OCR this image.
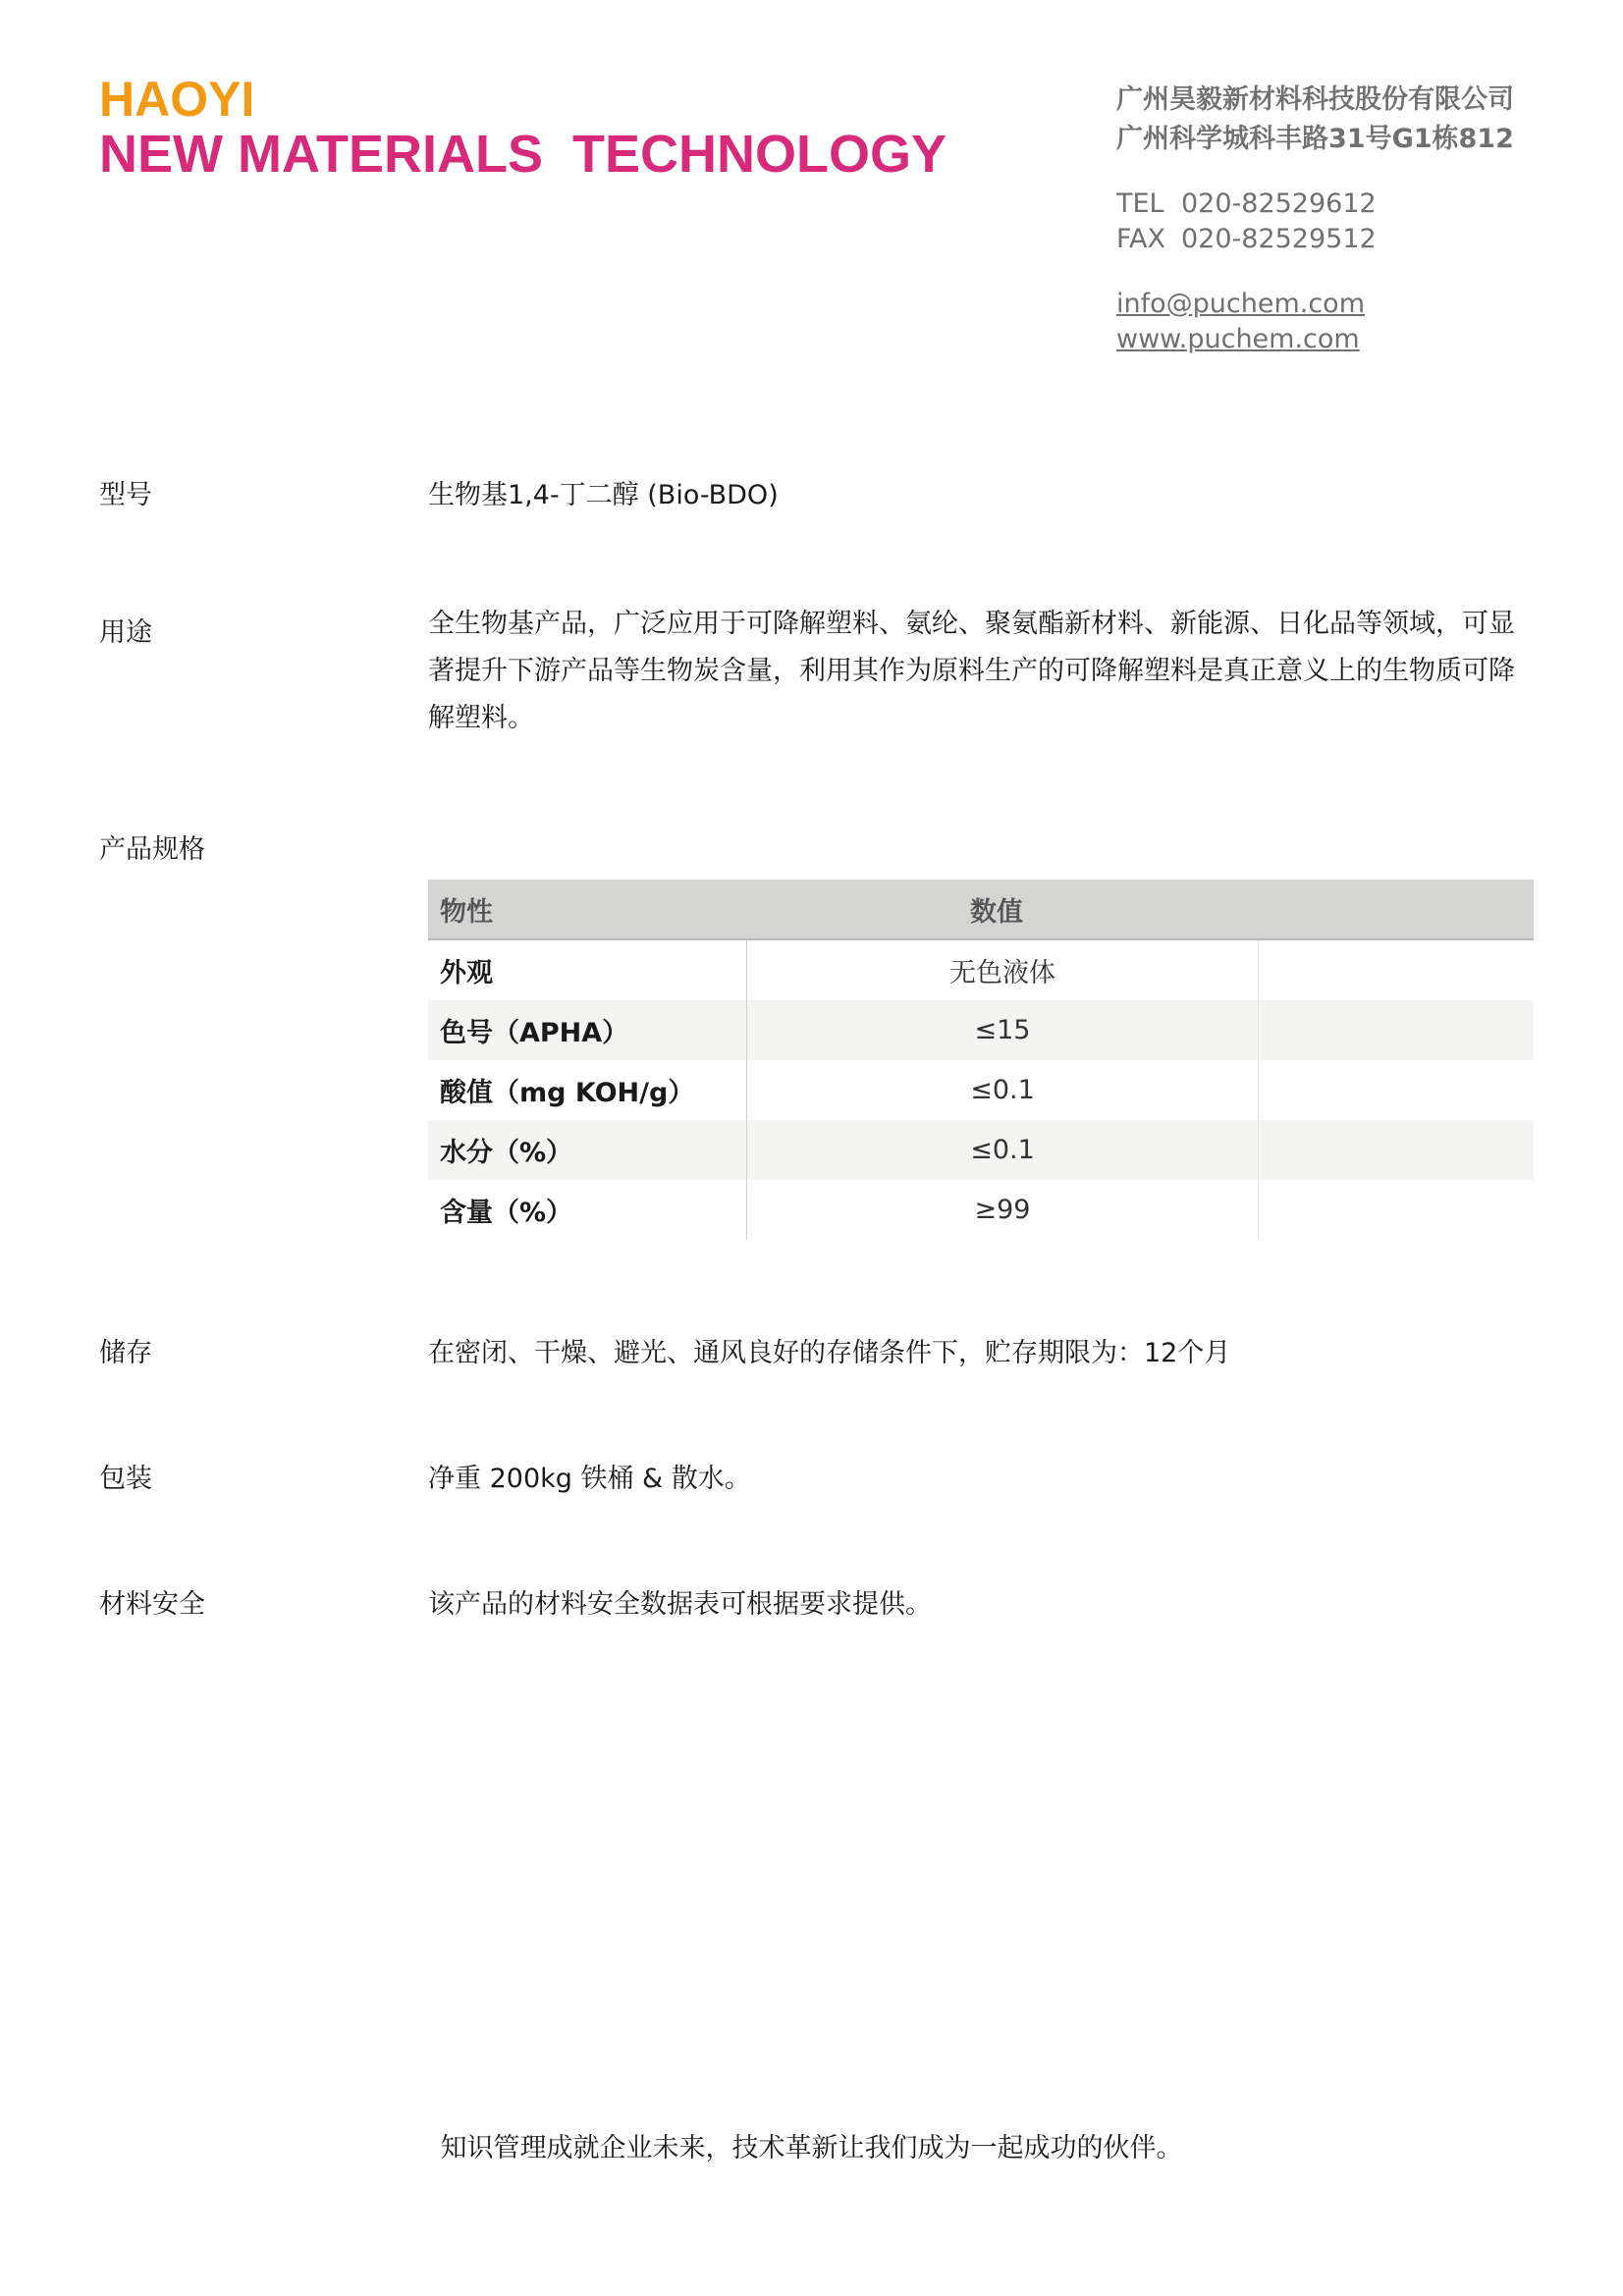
HAOYI
NEW MATERIALS  TECHNOLOGY
广州昊毅新材料科技股份有限公司
广州科学城科丰路31号G1栋812
TEL 020-82529612
FAX 020-82529512
info@puchem.com
www.puchem.com
型号	生物基1,4-丁二醇 (Bio-BDO)
用途	全生物基产品，广泛应用于可降解塑料、氨纶、聚氨酯新材料、新能源、日化品等领域，可显著提升下游产品等生物炭含量，利用其作为原料生产的可降解塑料是真正意义上的生物质可降解塑料。
产品规格
物性	数值	
外观	无色液体	
色号（APHA）	≤15	
酸值（mg KOH/g）	≤0.1	
水分（%）	≤0.1	
含量（%）	≥99	
储存	在密闭、干燥、避光、通风良好的存储条件下，贮存期限为：12个月
包装	净重 200kg 铁桶 & 散水。
材料安全	该产品的材料安全数据表可根据要求提供。
知识管理成就企业未来，技术革新让我们成为一起成功的伙伴。
